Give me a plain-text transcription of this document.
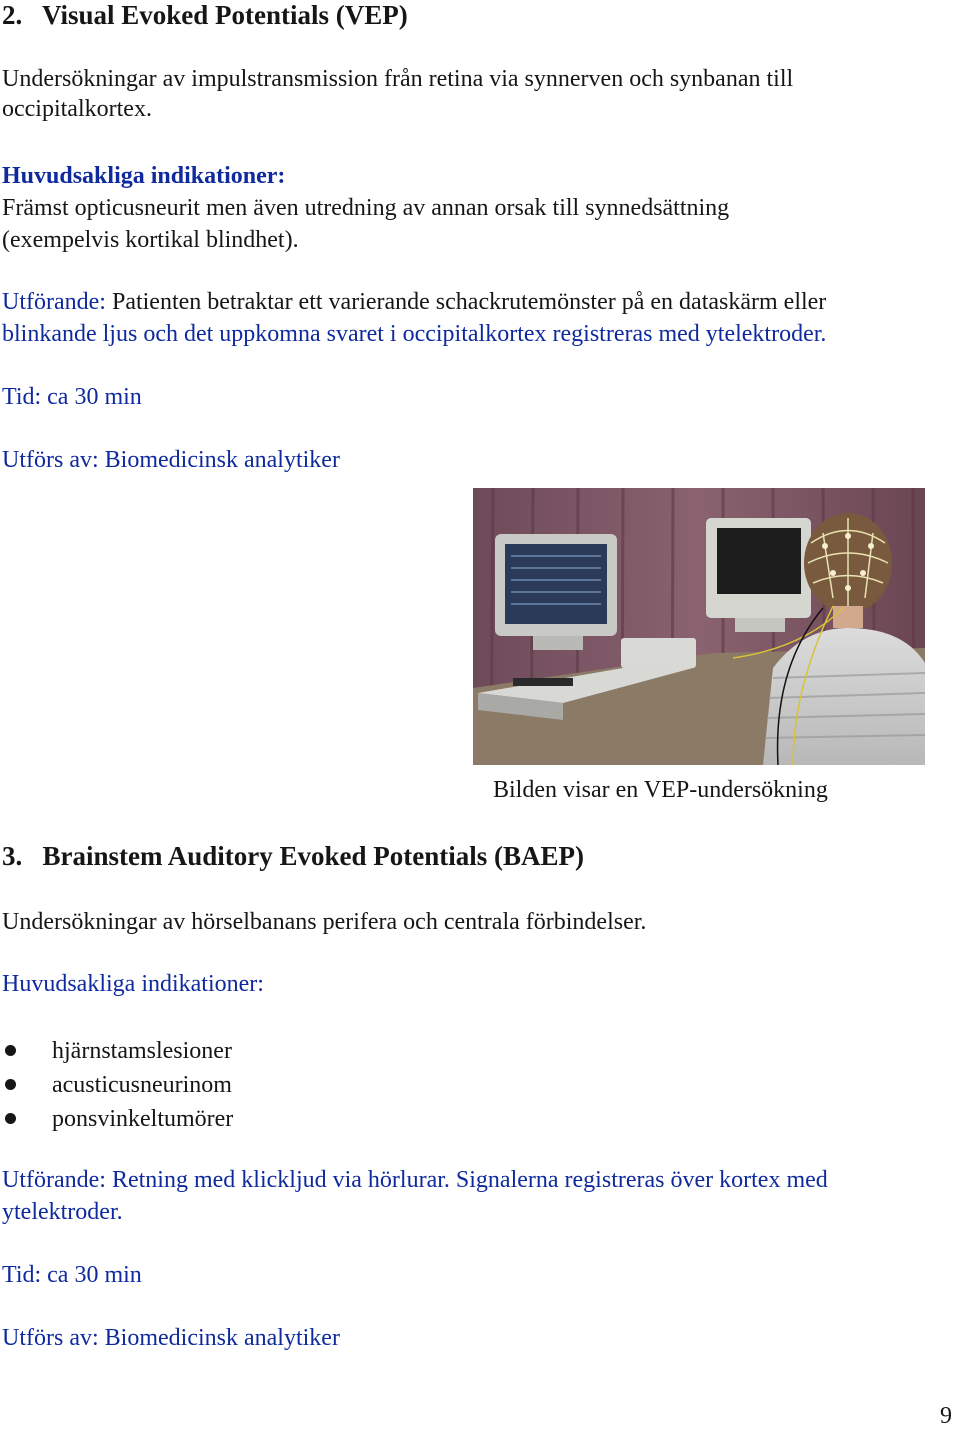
2.   Visual Evoked Potentials (VEP)

Undersökningar av impulstransmission från retina via synnerven och synbanan till

occipitalkortex.

Huvudsakliga indikationer:

Främst opticusneurit men även utredning av annan orsak till synnedsättning

(exempelvis kortikal blindhet).

Utförande: Patienten betraktar ett varierande schackrutemönster på en dataskärm eller

blinkande ljus och det uppkomna svaret i occipitalkortex registreras med ytelektroder.

Tid: ca 30 min

Utförs av: Biomedicinsk analytiker

Bilden visar en VEP-undersökning

3.   Brainstem Auditory Evoked Potentials (BAEP)

Undersökningar av hörselbanans perifera och centrala förbindelser.

Huvudsakliga indikationer:

hjärnstamslesioner
acusticusneurinom
ponsvinkeltumörer

Utförande: Retning med klickljud via hörlurar. Signalerna registreras över kortex med

ytelektroder.

Tid: ca 30 min

Utförs av: Biomedicinsk analytiker

9
